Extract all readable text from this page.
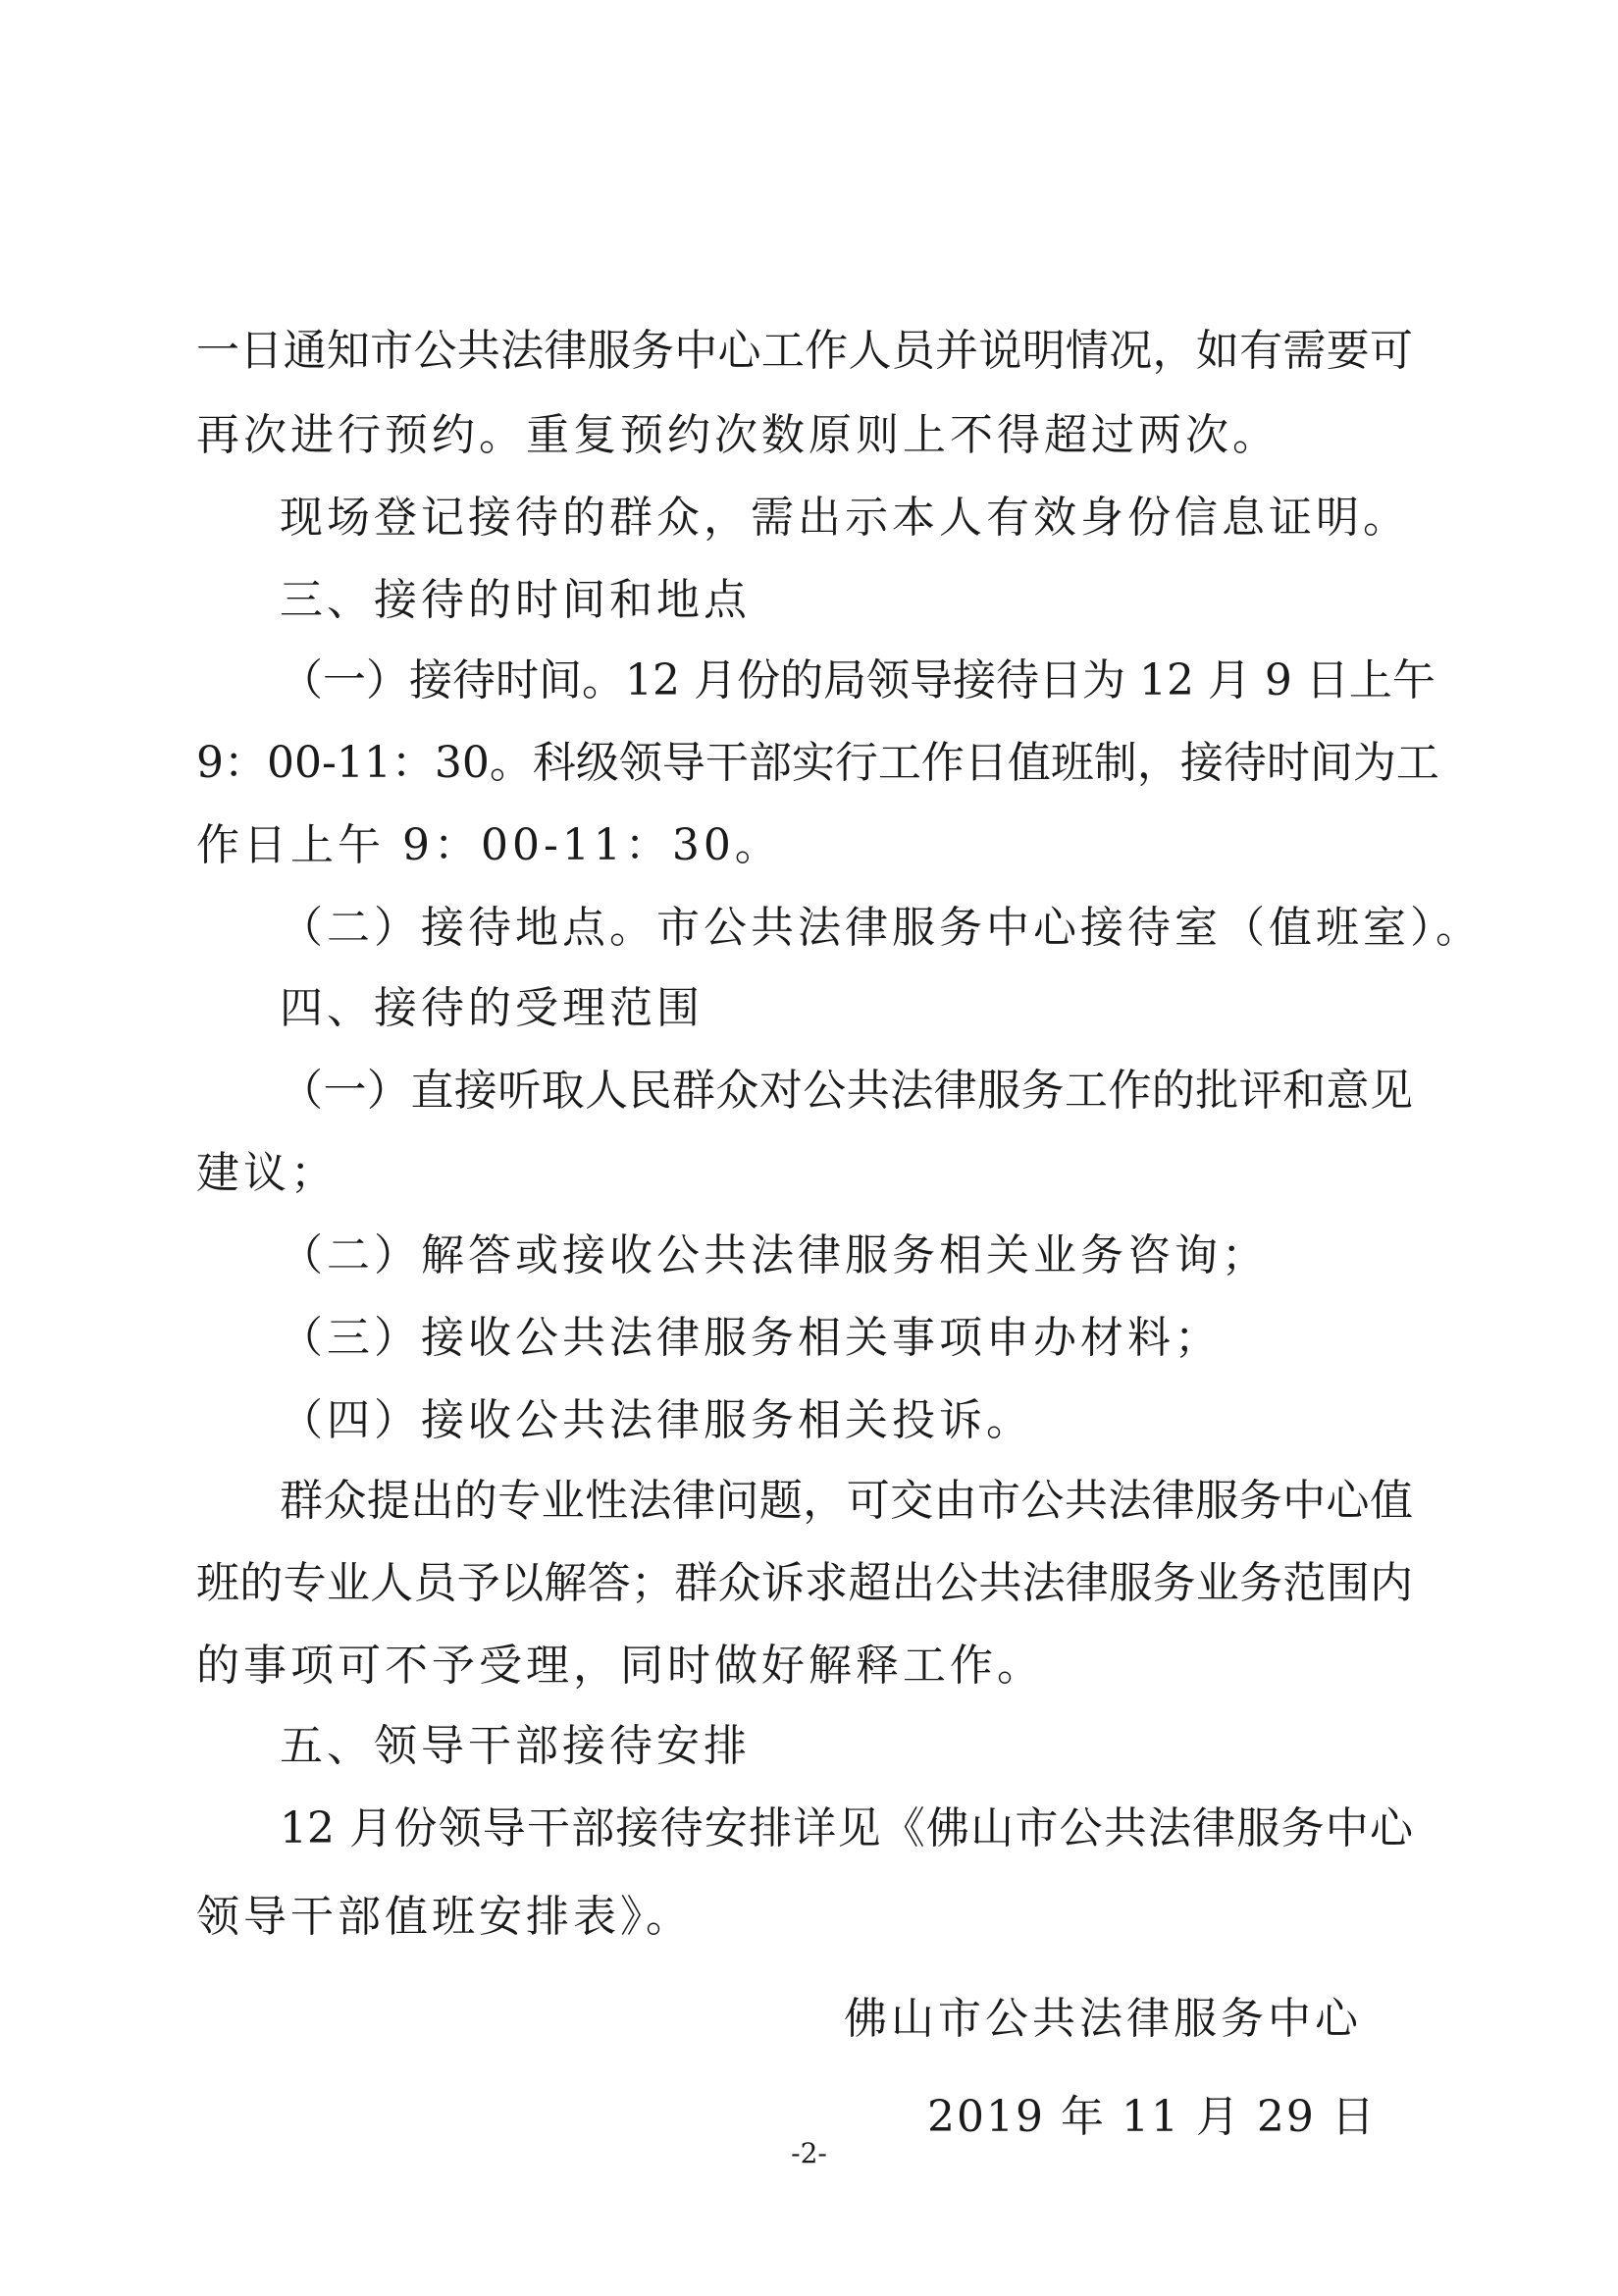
一日通知市公共法律服务中心工作人员并说明情况，如有需要可
再次进行预约。重复预约次数原则上不得超过两次。
现场登记接待的群众，需出示本人有效身份信息证明。
三、接待的时间和地点
（一）接待时间。12 月份的局领导接待日为 12 月 9 日上午
9：00-11：30。科级领导干部实行工作日值班制，接待时间为工
作日上午 9：00-11：30。
（二）接待地点。市公共法律服务中心接待室（值班室）。
四、接待的受理范围
（一）直接听取人民群众对公共法律服务工作的批评和意见
建议；
（二）解答或接收公共法律服务相关业务咨询；
（三）接收公共法律服务相关事项申办材料；
（四）接收公共法律服务相关投诉。
群众提出的专业性法律问题，可交由市公共法律服务中心值
班的专业人员予以解答；群众诉求超出公共法律服务业务范围内
的事项可不予受理，同时做好解释工作。
五、领导干部接待安排
12 月份领导干部接待安排详见《佛山市公共法律服务中心
领导干部值班安排表》。
佛山市公共法律服务中心
2019 年 11 月 29 日
-2-
